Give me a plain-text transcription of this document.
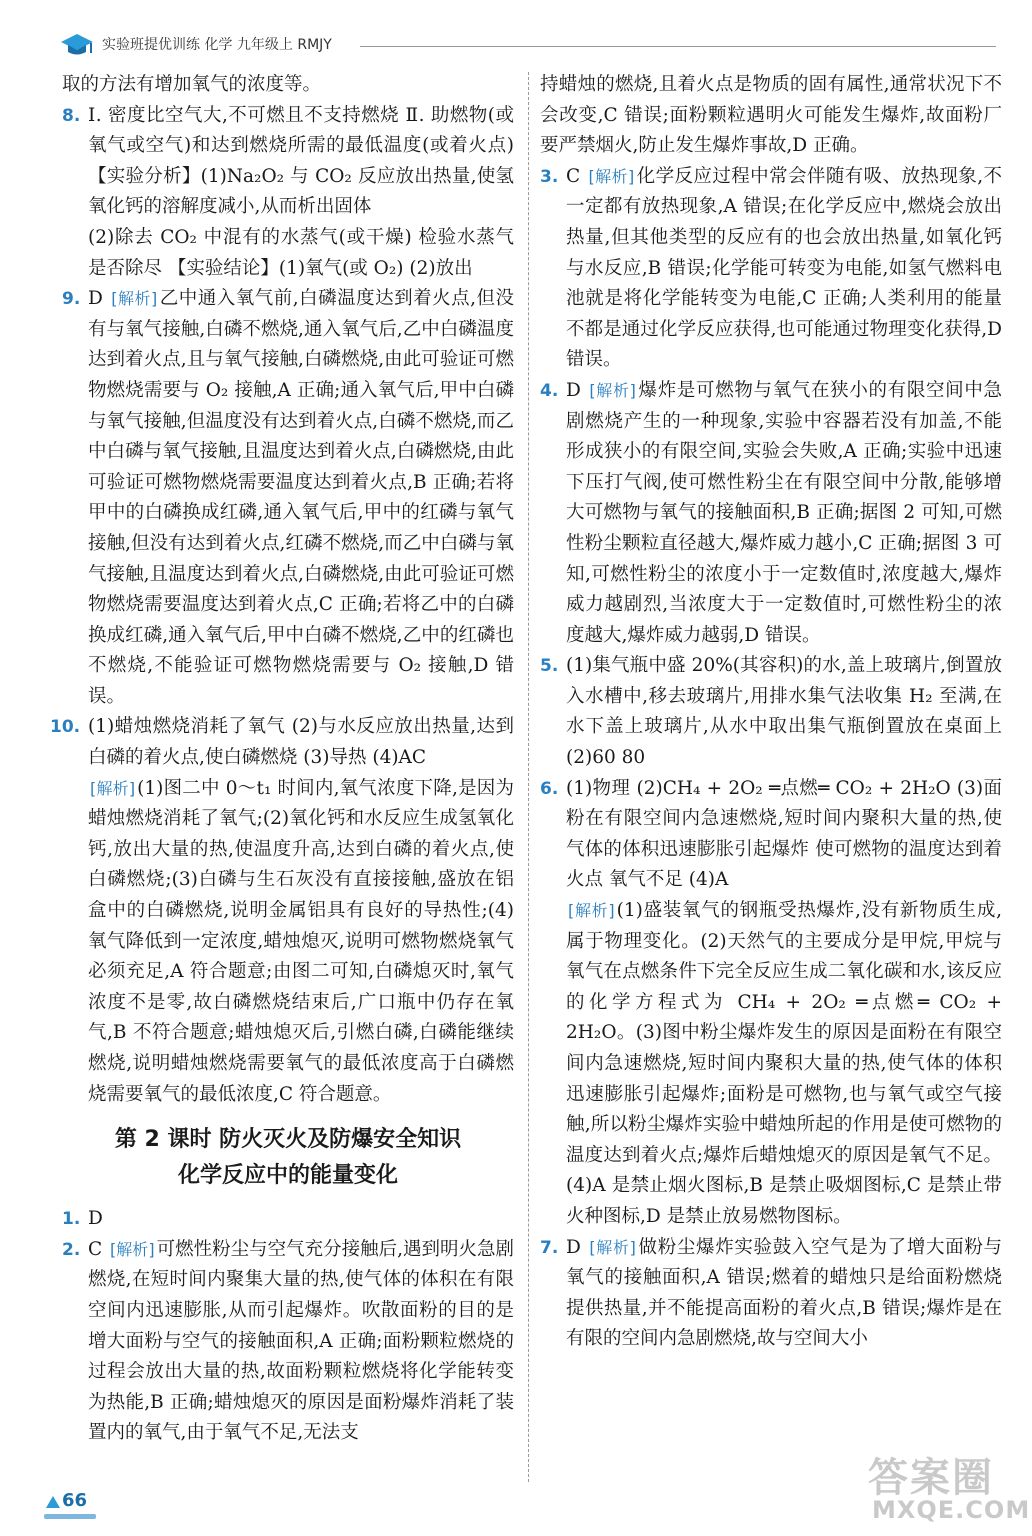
实验班提优训练 化学 九年级上 RMJY

取的方法有增加氧气的浓度等。

8. Ⅰ. 密度比空气大,不可燃且不支持燃烧 Ⅱ. 助燃物(或氧气或空气)和达到燃烧所需的最低温度(或着火点) 【实验分析】(1)Na₂O₂ 与 CO₂ 反应放出热量,使氢氧化钙的溶解度减小,从而析出固体
(2)除去 CO₂ 中混有的水蒸气(或干燥) 检验水蒸气是否除尽 【实验结论】(1)氧气(或 O₂) (2)放出
9. D [ 解析 ] 乙中通入氧气前,白磷温度达到着火点,但没有与氧气接触,白磷不燃烧,通入氧气后,乙中白磷温度达到着火点,且与氧气接触,白磷燃烧,由此可验证可燃物燃烧需要与 O₂ 接触,A 正确;通入氧气后,甲中白磷与氧气接触,但温度没有达到着火点,白磷不燃烧,而乙中白磷与氧气接触,且温度达到着火点,白磷燃烧,由此可验证可燃物燃烧需要温度达到着火点,B 正确;若将甲中的白磷换成红磷,通入氧气后,甲中的红磷与氧气接触,但没有达到着火点,红磷不燃烧,而乙中白磷与氧气接触,且温度达到着火点,白磷燃烧,由此可验证可燃物燃烧需要温度达到着火点,C 正确;若将乙中的白磷换成红磷,通入氧气后,甲中白磷不燃烧,乙中的红磷也不燃烧,不能验证可燃物燃烧需要与 O₂ 接触,D 错误。
10. (1)蜡烛燃烧消耗了氧气 (2)与水反应放出热量,达到白磷的着火点,使白磷燃烧 (3)导热 (4)AC
[ 解析 ] (1)图二中 0～t₁ 时间内,氧气浓度下降,是因为蜡烛燃烧消耗了氧气;(2)氧化钙和水反应生成氢氧化钙,放出大量的热,使温度升高,达到白磷的着火点,使白磷燃烧;(3)白磷与生石灰没有直接接触,盛放在铝盒中的白磷燃烧,说明金属铝具有良好的导热性;(4)氧气降低到一定浓度,蜡烛熄灭,说明可燃物燃烧氧气必须充足,A 符合题意;由图二可知,白磷熄灭时,氧气浓度不是零,故白磷燃烧结束后,广口瓶中仍存在氧气,B 不符合题意;蜡烛熄灭后,引燃白磷,白磷能继续燃烧,说明蜡烛燃烧需要氧气的最低浓度高于白磷燃烧需要氧气的最低浓度,C 符合题意。
第 2 课时 防火灭火及防爆安全知识
化学反应中的能量变化
1. D
2. C [ 解析 ] 可燃性粉尘与空气充分接触后,遇到明火急剧燃烧,在短时间内聚集大量的热,使气体的体积在有限空间内迅速膨胀,从而引起爆炸。吹散面粉的目的是增大面粉与空气的接触面积,A 正确;面粉颗粒燃烧的过程会放出大量的热,故面粉颗粒燃烧将化学能转变为热能,B 正确;蜡烛熄灭的原因是面粉爆炸消耗了装置内的氧气,由于氧气不足,无法支

持蜡烛的燃烧,且着火点是物质的固有属性,通常状况下不会改变,C 错误;面粉颗粒遇明火可能发生爆炸,故面粉厂要严禁烟火,防止发生爆炸事故,D 正确。

3. C [ 解析 ] 化学反应过程中常会伴随有吸、放热现象,不一定都有放热现象,A 错误;在化学反应中,燃烧会放出热量,但其他类型的反应有的也会放出热量,如氧化钙与水反应,B 错误;化学能可转变为电能,如氢气燃料电池就是将化学能转变为电能,C 正确;人类利用的能量不都是通过化学反应获得,也可能通过物理变化获得,D 错误。
4. D [ 解析 ] 爆炸是可燃物与氧气在狭小的有限空间中急剧燃烧产生的一种现象,实验中容器若没有加盖,不能形成狭小的有限空间,实验会失败,A 正确;实验中迅速下压打气阀,使可燃性粉尘在有限空间中分散,能够增大可燃物与氧气的接触面积,B 正确;据图 2 可知,可燃性粉尘颗粒直径越大,爆炸威力越小,C 正确;据图 3 可知,可燃性粉尘的浓度小于一定数值时,浓度越大,爆炸威力越剧烈,当浓度大于一定数值时,可燃性粉尘的浓度越大,爆炸威力越弱,D 错误。
5. (1)集气瓶中盛 20%(其容积)的水,盖上玻璃片,倒置放入水槽中,移去玻璃片,用排水集气法收集 H₂ 至满,在水下盖上玻璃片,从水中取出集气瓶倒置放在桌面上 (2)60 80
6. (1)物理 (2)CH₄ + 2O₂ ═点燃═ CO₂ + 2H₂O (3)面粉在有限空间内急速燃烧,短时间内聚积大量的热,使气体的体积迅速膨胀引起爆炸 使可燃物的温度达到着火点 氧气不足 (4)A
[ 解析 ] (1)盛装氧气的钢瓶受热爆炸,没有新物质生成,属于物理变化。(2)天然气的主要成分是甲烷,甲烷与氧气在点燃条件下完全反应生成二氧化碳和水,该反应的化学方程式为 CH₄ + 2O₂ ═点燃═ CO₂ + 2H₂O。(3)图中粉尘爆炸发生的原因是面粉在有限空间内急速燃烧,短时间内聚积大量的热,使气体的体积迅速膨胀引起爆炸;面粉是可燃物,也与氧气或空气接触,所以粉尘爆炸实验中蜡烛所起的作用是使可燃物的温度达到着火点;爆炸后蜡烛熄灭的原因是氧气不足。(4)A 是禁止烟火图标,B 是禁止吸烟图标,C 是禁止带火种图标,D 是禁止放易燃物图标。
7. D [ 解析 ] 做粉尘爆炸实验鼓入空气是为了增大面粉与氧气的接触面积,A 错误;燃着的蜡烛只是给面粉燃烧提供热量,并不能提高面粉的着火点,B 错误;爆炸是在有限的空间内急剧燃烧,故与空间大小
66	答案圈
MXQE.COM
